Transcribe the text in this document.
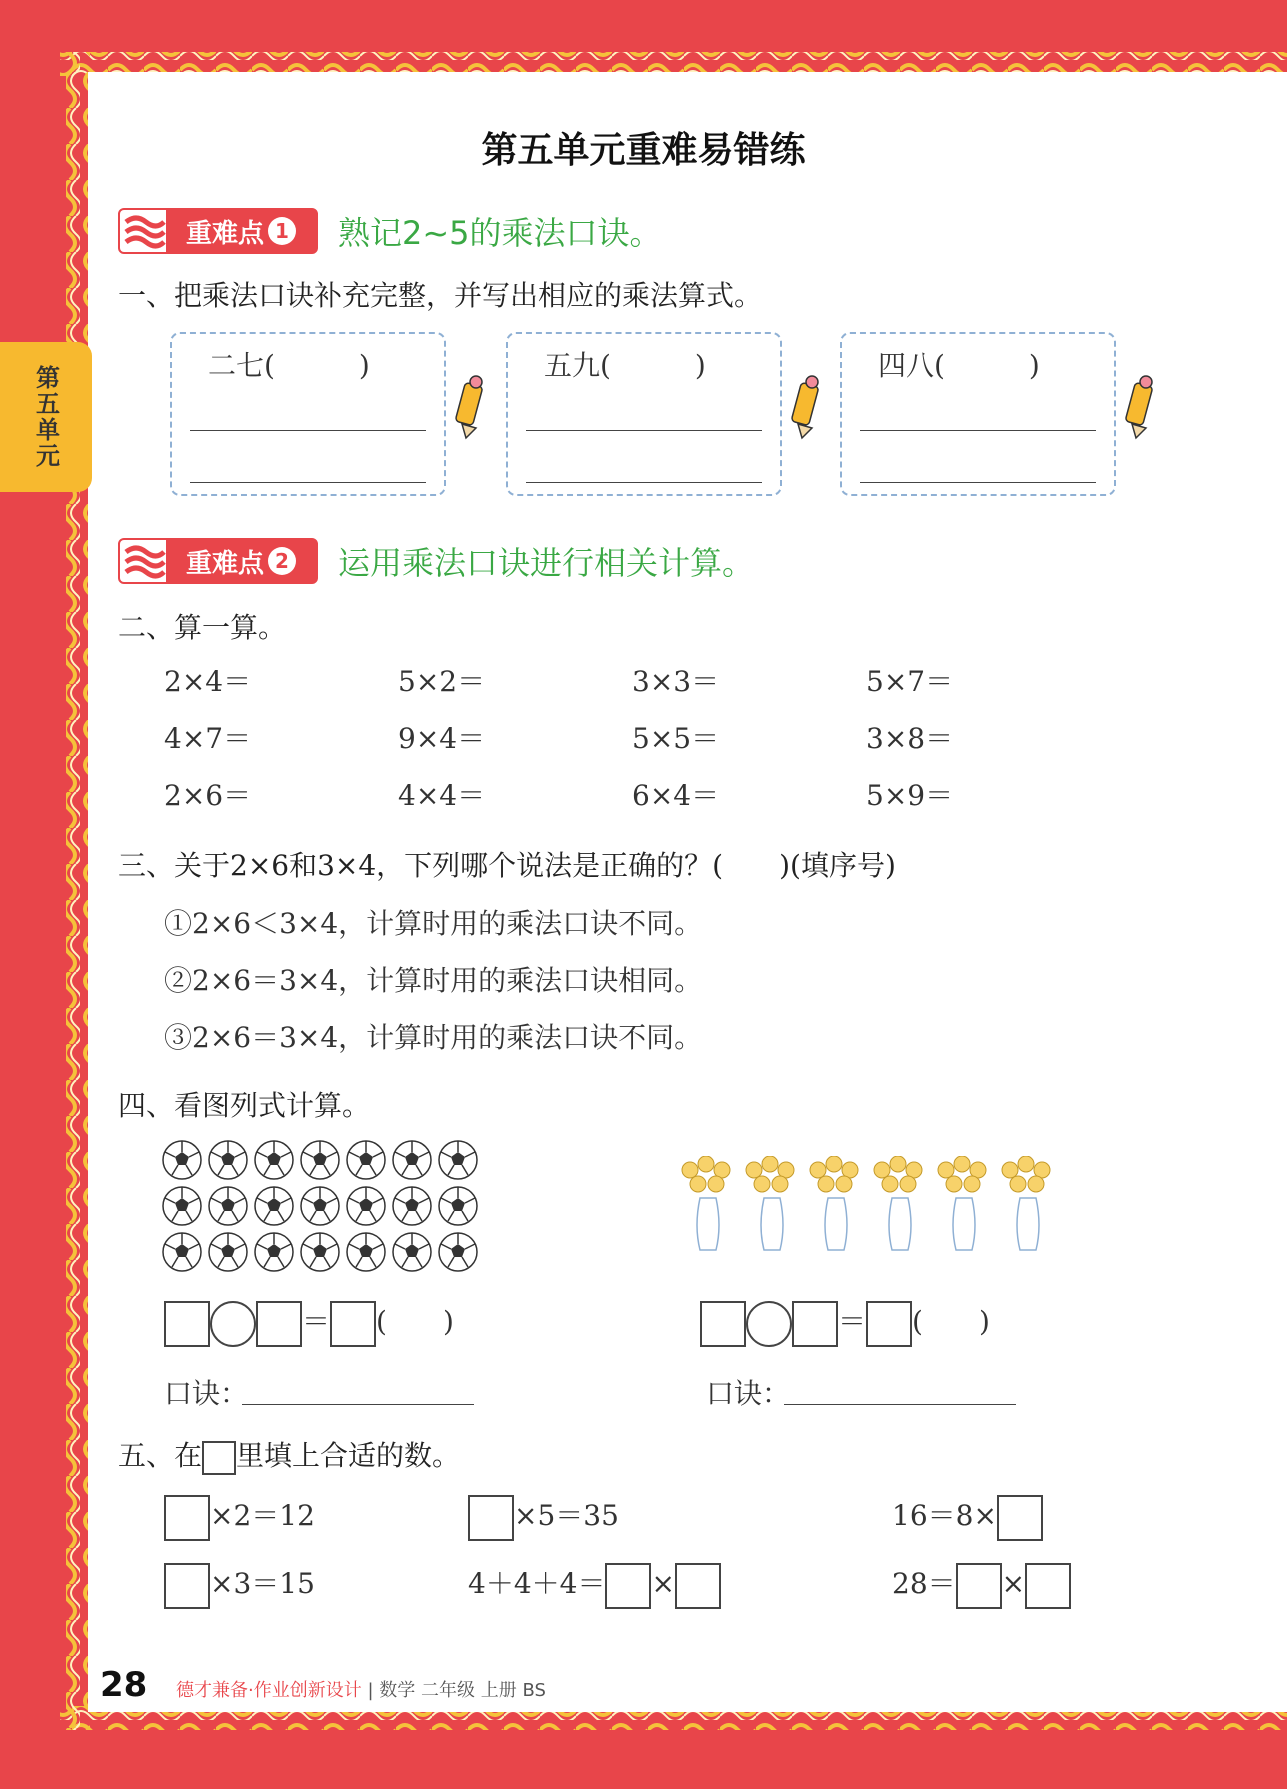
第五单元
第五单元重难易错练
重难点 1 熟记2~5的乘法口诀。
一、把乘法口诀补充完整，并写出相应的乘法算式。
二七(　　　)	五九(　　　)	四八(　　　)
重难点 2 运用乘法口诀进行相关计算。
二、算一算。
2×4＝	5×2＝	3×3＝	5×7＝
4×7＝	9×4＝	5×5＝	3×8＝
2×6＝	4×4＝	6×4＝	5×9＝
三、关于2×6和3×4，下列哪个说法是正确的？(　　)(填序号)
①2×6＜3×4，计算时用的乘法口诀不同。
②2×6＝3×4，计算时用的乘法口诀相同。
③2×6＝3×4，计算时用的乘法口诀不同。
四、看图列式计算。
＝ (　　)	＝ (　　)
口诀：	口诀：
五、在 里填上合适的数。
×2＝12	×5＝35	16＝8×
×3＝15	4＋4＋4＝ ×	28＝ ×
28 德才兼备·作业创新设计 | 数学 二年级 上册 BS
